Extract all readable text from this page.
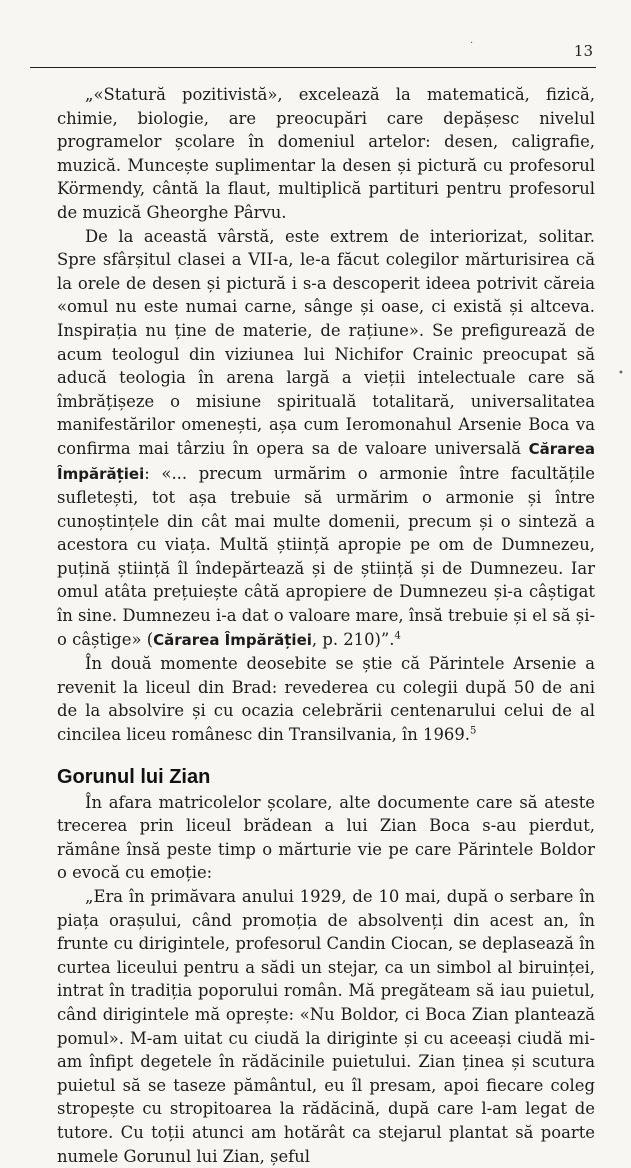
13
·
•

„«Statură pozitivistă», excelează la matematică, fizică, chimie, biologie, are preocupări care depășesc nivelul programelor școlare în domeniul artelor: desen, caligrafie, muzică. Muncește suplimentar la desen și pictură cu profesorul Körmendy, cântă la flaut, multiplică partituri pentru profesorul de muzică Gheorghe Pârvu.

De la această vârstă, este extrem de interiorizat, solitar. Spre sfârșitul clasei a VII-a, le-a făcut colegilor mărturisirea că la orele de desen și pictură i s-a descoperit ideea potrivit căreia «omul nu este numai carne, sânge și oase, ci există și altceva. Inspirația nu ține de materie, de rațiune». Se prefigurează de acum teologul din viziunea lui Nichifor Crainic preocupat să aducă teologia în arena largă a vieții intelectuale care să îmbrățișeze o misiune spirituală totalitară, universalitatea manifestărilor omenești, așa cum Ieromonahul Arsenie Boca va confirma mai târziu în opera sa de valoare universală Cărarea Împărăției: «... precum urmărim o armonie între facultățile sufletești, tot așa trebuie să urmărim o armonie și între cunoștințele din cât mai multe domenii, precum și o sinteză a acestora cu viața. Multă știință apropie pe om de Dumnezeu, puțină știință îl îndepărtează și de știință și de Dumnezeu. Iar omul atâta prețuiește câtă apropiere de Dumnezeu și-a câștigat în sine. Dumnezeu i-a dat o valoare mare, însă trebuie și el să și-o câștige» (Cărarea Împărăției, p. 210)”.$^4$

În două momente deosebite se știe că Părintele Arsenie a revenit la liceul din Brad: revederea cu colegii după 50 de ani de la absolvire și cu ocazia celebrării centenarului celui de al cincilea liceu românesc din Transilvania, în 1969.$^5$

Gorunul lui Zian

În afara matricolelor școlare, alte documente care să ateste trecerea prin liceul brădean a lui Zian Boca s-au pierdut, rămâne însă peste timp o mărturie vie pe care Părintele Boldor o evocă cu emoție:

„Era în primăvara anului 1929, de 10 mai, după o serbare în piața orașului, când promoția de absolvenți din acest an, în frunte cu dirigintele, profesorul Candin Ciocan, se deplasează în curtea liceului pentru a sădi un stejar, ca un simbol al biruinței, intrat în tradiția poporului român. Mă pregăteam să iau puietul, când dirigintele mă oprește: «Nu Boldor, ci Boca Zian plantează pomul». M-am uitat cu ciudă la diriginte și cu aceeași ciudă mi-am înfipt degetele în rădăcinile puietului. Zian ținea și scutura puietul să se taseze pământul, eu îl presam, apoi fiecare coleg stropește cu stropitoarea la rădăcină, după care l-am legat de tutore. Cu toții atunci am hotărât ca stejarul plantat să poarte numele Gorunul lui Zian, șeful
